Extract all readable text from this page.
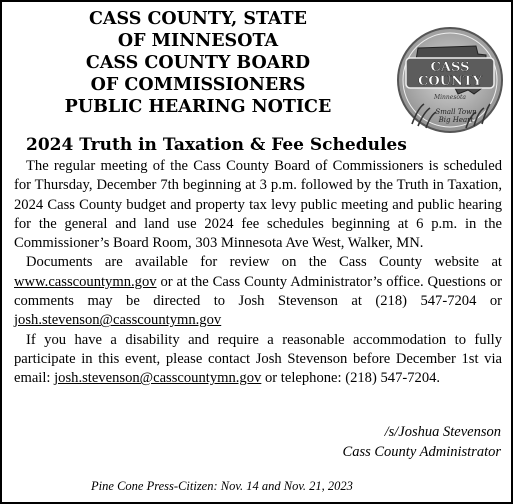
CASS COUNTY, STATE
OF MINNESOTA
CASS COUNTY BOARD
OF COMMISSIONERS
PUBLIC HEARING NOTICE
CASS
COUNTY
Minnesota
Small Town
Big Heart
2024 Truth in Taxation & Fee Schedules

The regular meeting of the Cass County Board of Commissioners is scheduled for Thursday, December 7th beginning at 3 p.m. followed by the Truth in Taxation, 2024 Cass County budget and property tax levy public meeting and public hearing for the general and land use 2024 fee schedules beginning at 6 p.m. in the Commissioner’s Board Room, 303 Minnesota Ave West, Walker, MN.

Documents are available for review on the Cass County website at www.casscountymn.gov or at the Cass County Administrator’s office. Questions or comments may be directed to Josh Stevenson at (218) 547-7204 or josh.stevenson@casscountymn.gov

If you have a disability and require a reasonable accommodation to fully participate in this event, please contact Josh Stevenson before December 1st via email: josh.stevenson@casscountymn.gov or telephone: (218) 547-7204.

/s/Joshua Stevenson
Cass County Administrator
Pine Cone Press-Citizen: Nov. 14 and Nov. 21, 2023
